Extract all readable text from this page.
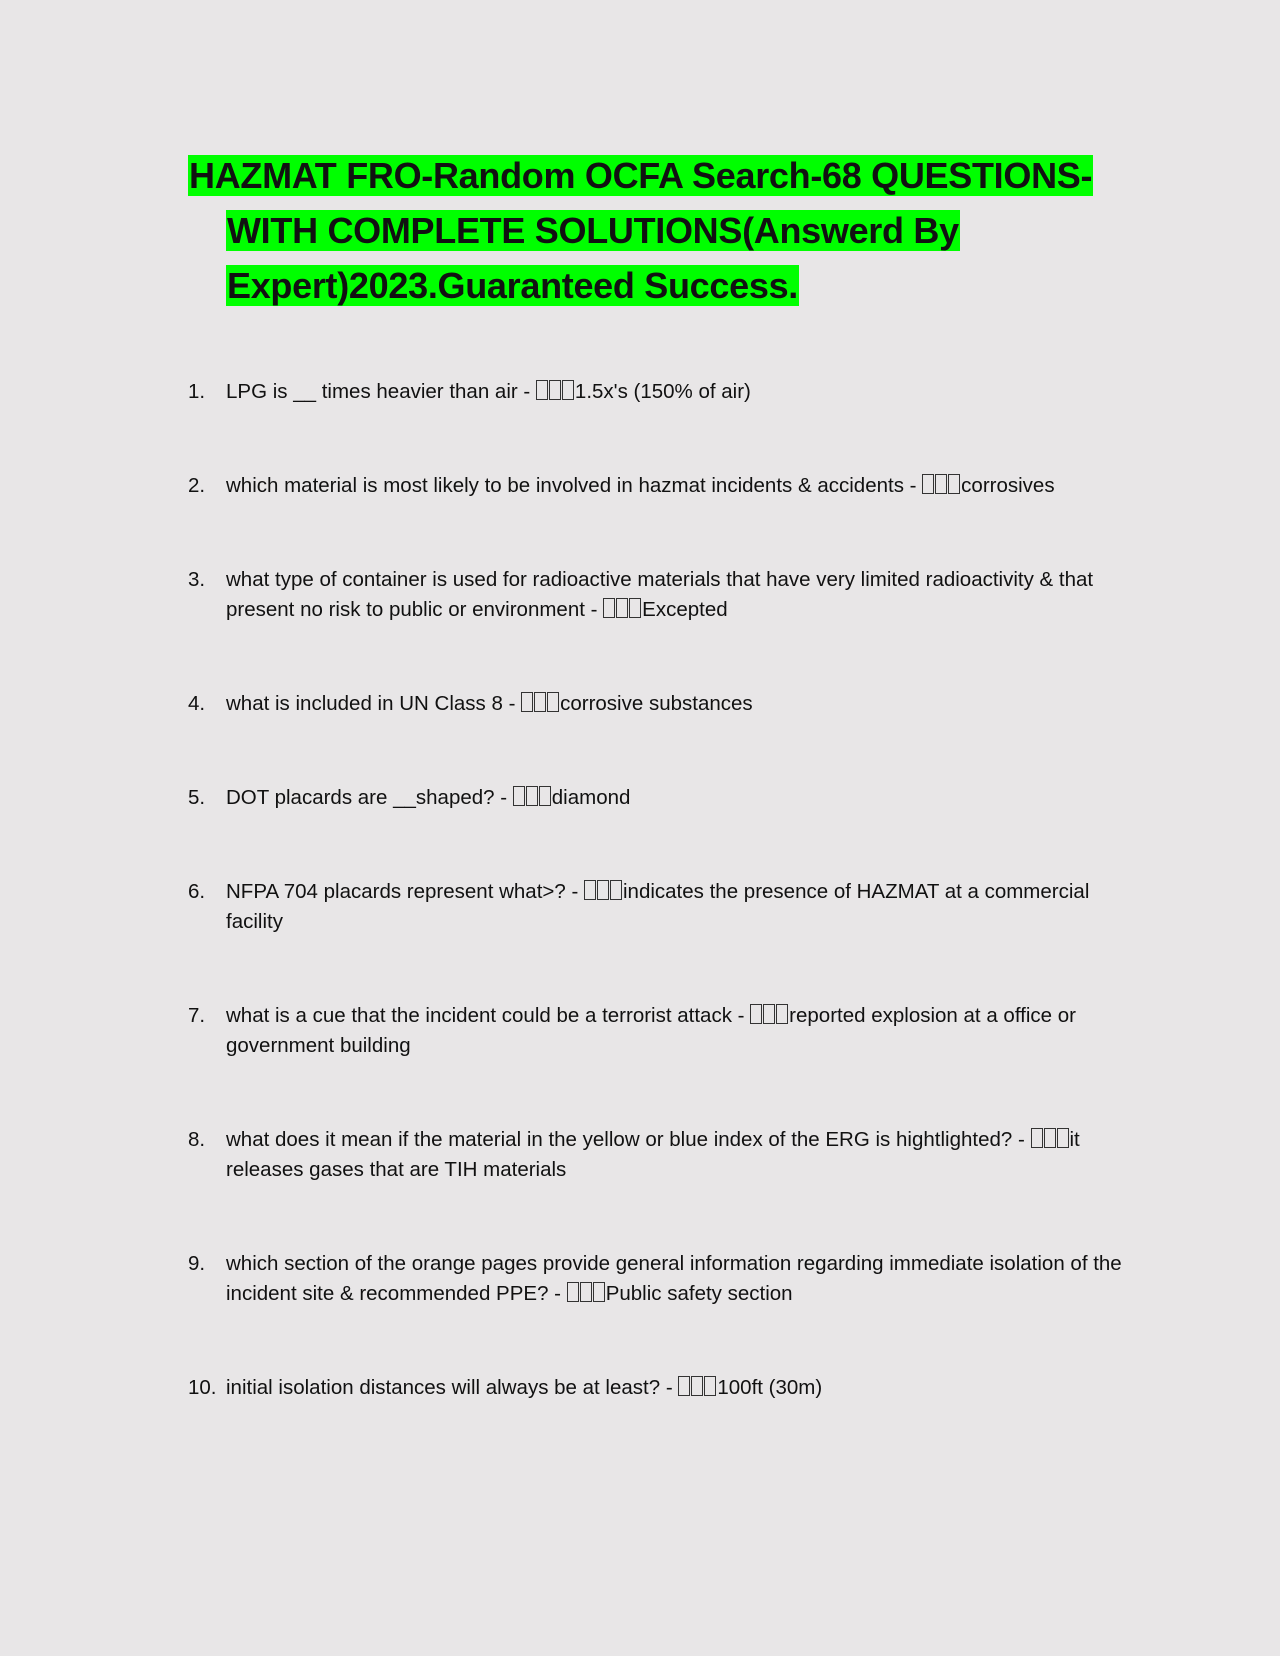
HAZMAT FRO-Random OCFA Search-68 QUESTIONS-
WITH COMPLETE SOLUTIONS(Answerd By
Expert)2023.Guaranteed Success.
1. LPG is __ times heavier than air - 1.5x's (150% of air)
2. which material is most likely to be involved in hazmat incidents & accidents - corrosives
3. what type of container is used for radioactive materials that have very limited radioactivity & that present no risk to public or environment - Excepted
4. what is included in UN Class 8 - corrosive substances
5. DOT placards are __shaped? - diamond
6. NFPA 704 placards represent what>? - indicates the presence of HAZMAT at a commercial facility
7. what is a cue that the incident could be a terrorist attack - reported explosion at a office or government building
8. what does it mean if the material in the yellow or blue index of the ERG is hightlighted? - it releases gases that are TIH materials
9. which section of the orange pages provide general information regarding immediate isolation of the incident site & recommended PPE? - Public safety section
10. initial isolation distances will always be at least? - 100ft (30m)
